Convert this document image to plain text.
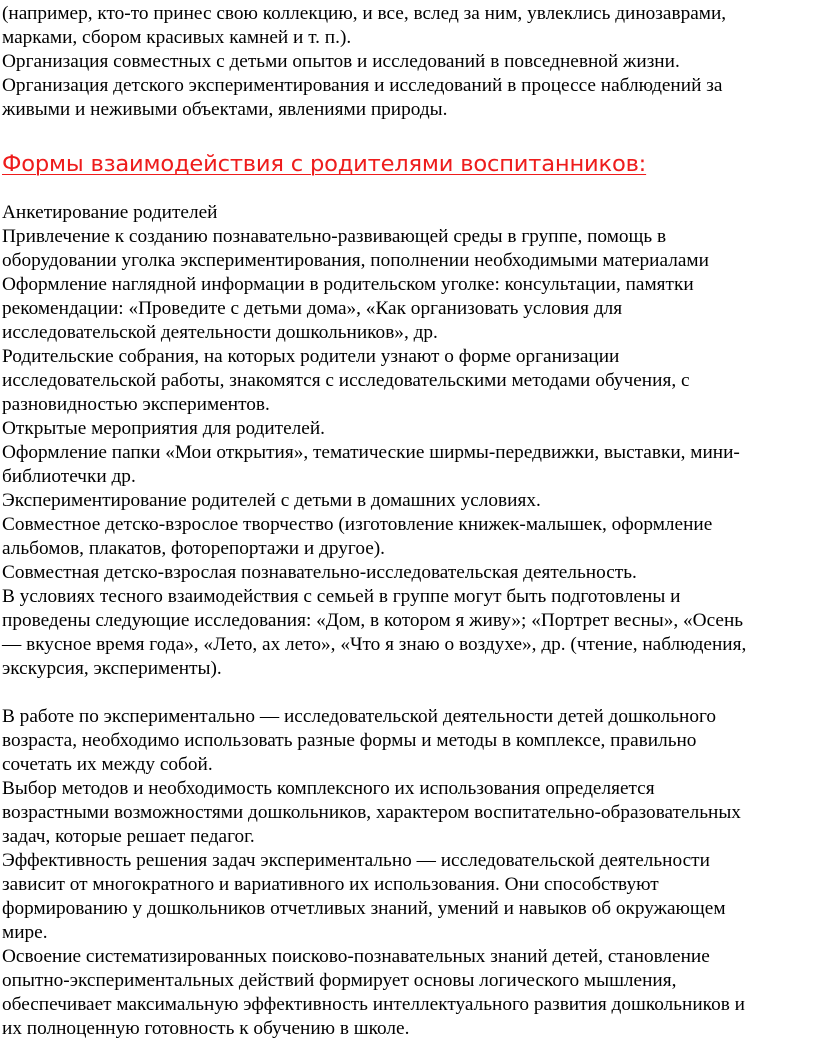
(например, кто-то принес свою коллекцию, и все, вслед за ним, увлеклись динозаврами,
марками, сбором красивых камней и т. п.).
Организация совместных с детьми опытов и исследований в повседневной жизни.
Организация детского экспериментирования и исследований в процессе наблюдений за
живыми и неживыми объектами, явлениями природы.
Формы взаимодействия с родителями воспитанников:
Анкетирование родителей
Привлечение к созданию познавательно-развивающей среды в группе, помощь в
оборудовании уголка экспериментирования, пополнении необходимыми материалами
Оформление наглядной информации в родительском уголке: консультации, памятки
рекомендации: «Проведите с детьми дома», «Как организовать условия для
исследовательской деятельности дошкольников», др.
Родительские собрания, на которых родители узнают о форме организации
исследовательской работы, знакомятся с исследовательскими методами обучения, с
разновидностью экспериментов.
Открытые мероприятия для родителей.
Оформление папки «Мои открытия», тематические ширмы-передвижки, выставки, мини-
библиотечки др.
Экспериментирование родителей с детьми в домашних условиях.
Совместное детско-взрослое творчество (изготовление книжек-малышек, оформление
альбомов, плакатов, фоторепортажи и другое).
Совместная детско-взрослая познавательно-исследовательская деятельность.
В условиях тесного взаимодействия с семьей в группе могут быть подготовлены и
проведены следующие исследования: «Дом, в котором я живу»; «Портрет весны», «Осень
— вкусное время года», «Лето, ах лето», «Что я знаю о воздухе», др. (чтение, наблюдения,
экскурсия, эксперименты).
В работе по экспериментально — исследовательской деятельности детей дошкольного
возраста, необходимо использовать разные формы и методы в комплексе, правильно
сочетать их между собой.
Выбор методов и необходимость комплексного их использования определяется
возрастными возможностями дошкольников, характером воспитательно-образовательных
задач, которые решает педагог.
Эффективность решения задач экспериментально — исследовательской деятельности
зависит от многократного и вариативного их использования. Они способствуют
формированию у дошкольников отчетливых знаний, умений и навыков об окружающем
мире.
Освоение систематизированных поисково-познавательных знаний детей, становление
опытно-экспериментальных действий формирует основы логического мышления,
обеспечивает максимальную эффективность интеллектуального развития дошкольников и
их полноценную готовность к обучению в школе.
